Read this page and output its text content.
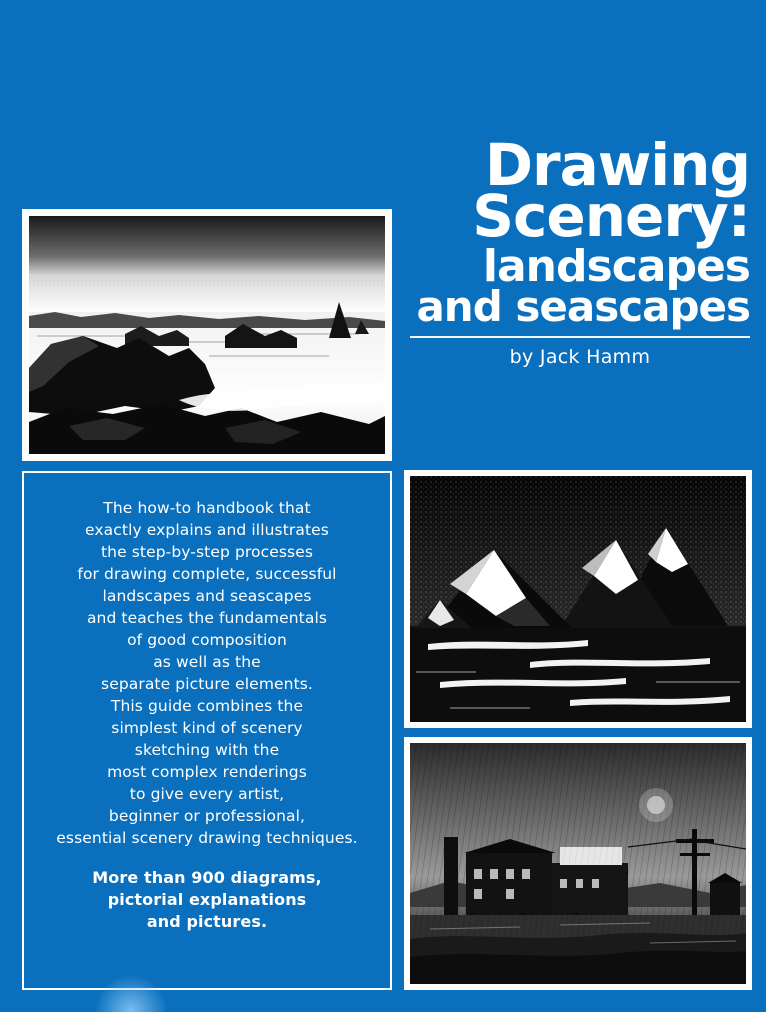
Drawing
Scenery:
landscapes
and seascapes
by Jack Hamm

The how-to handbook that
exactly explains and illustrates
the step-by-step processes
for drawing complete, successful
landscapes and seascapes
and teaches the fundamentals
of good composition
as well as the
separate picture elements.
This guide combines the
simplest kind of scenery
sketching with the
most complex renderings
to give every artist,
beginner or professional,
essential scenery drawing techniques.

More than 900 diagrams,
pictorial explanations
and pictures.
